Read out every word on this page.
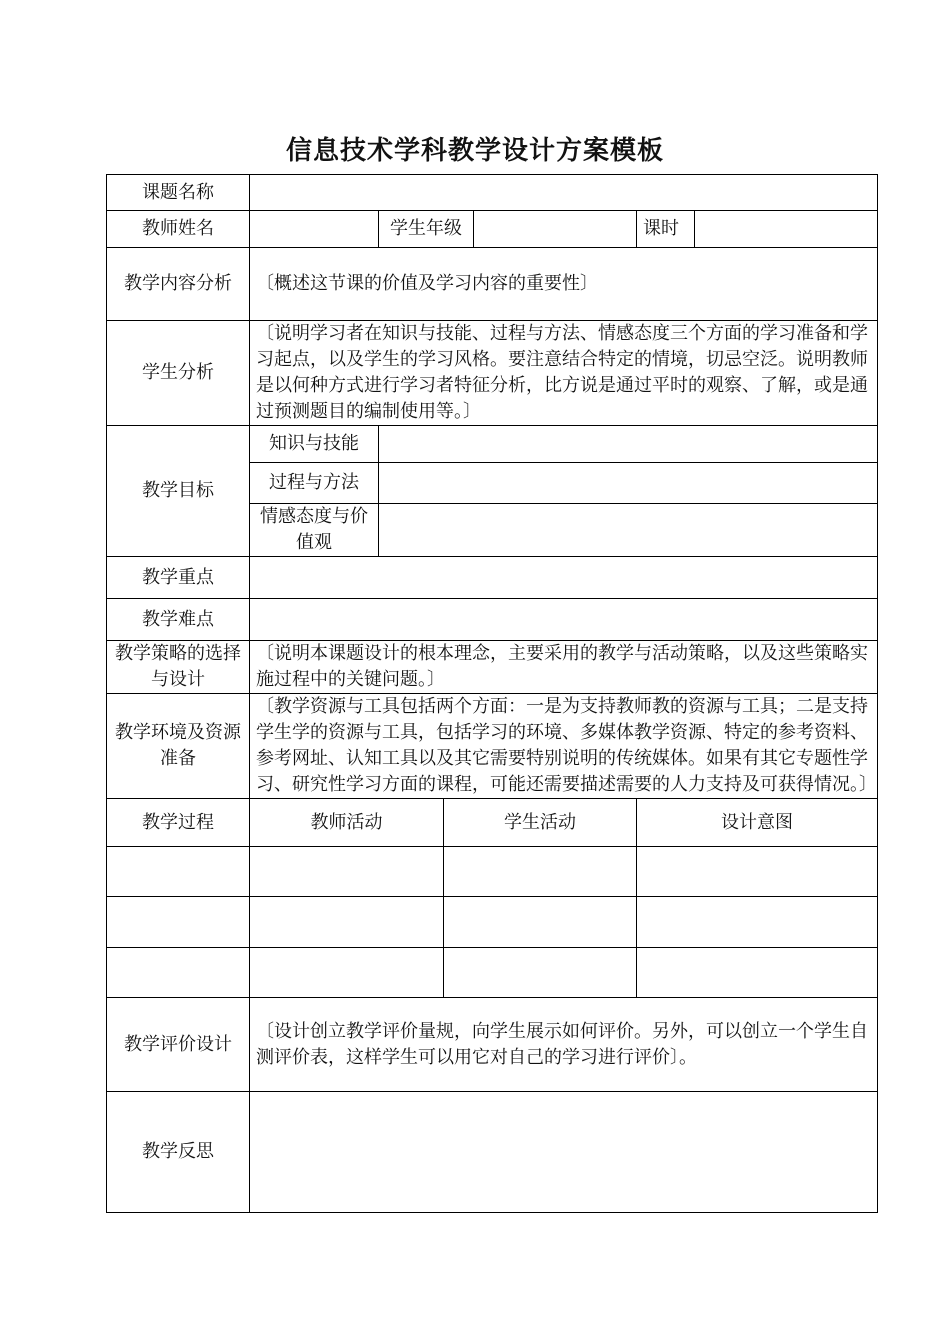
信息技术学科教学设计方案模板
课题名称						
教师姓名		学生年级			课时	
教学内容分析	〔概述这节课的价值及学习内容的重要性〕					
学生分析	〔说明学习者在知识与技能、过程与方法、情感态度三个方面的学习准备和学习起点，以及学生的学习风格。要注意结合特定的情境，切忌空泛。说明教师是以何种方式进行学习者特征分析，比方说是通过平时的观察、了解，或是通过预测题目的编制使用等。〕					
教学目标	知识与技能					
	过程与方法					
	情感态度与价值观					
教学重点						
教学难点						
教学策略的选择与设计	〔说明本课题设计的根本理念，主要采用的教学与活动策略，以及这些策略实施过程中的关键问题。〕					
教学环境及资源准备	〔教学资源与工具包括两个方面：一是为支持教师教的资源与工具；二是支持学生学的资源与工具，包括学习的环境、多媒体教学资源、特定的参考资料、参考网址、认知工具以及其它需要特别说明的传统媒体。如果有其它专题性学习、研究性学习方面的课程，可能还需要描述需要的人力支持及可获得情况。〕					
教学过程	教师活动		学生活动		设计意图	

教学评价设计	〔设计创立教学评价量规，向学生展示如何评价。另外，可以创立一个学生自测评价表，这样学生可以用它对自己的学习进行评价〕。					
教学反思						
